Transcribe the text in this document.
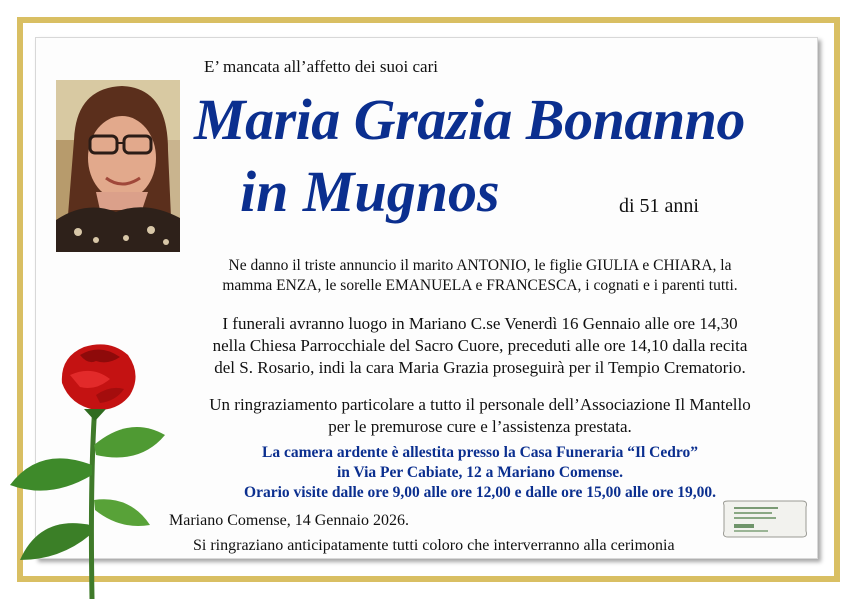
E’ mancata all’affetto dei suoi cari
Maria Grazia Bonanno
in Mugnos	di 51 anni
Ne danno il triste annuncio il marito ANTONIO, le figlie GIULIA e CHIARA, la
mamma ENZA, le sorelle EMANUELA e FRANCESCA, i cognati e i parenti tutti.
I funerali avranno luogo in Mariano C.se Venerdì 16 Gennaio alle ore 14,30
nella Chiesa Parrocchiale del Sacro Cuore, preceduti alle ore 14,10 dalla recita
del S. Rosario, indi la cara Maria Grazia proseguirà per il Tempio Crematorio.
Un ringraziamento particolare a tutto il personale dell’Associazione Il Mantello
per le premurose cure e l’assistenza prestata.
La camera ardente è allestita presso la Casa Funeraria “Il Cedro”
in Via Per Cabiate, 12 a Mariano Comense.
Orario visite dalle ore 9,00 alle ore 12,00 e dalle ore 15,00 alle ore 19,00.
Mariano Comense, 14 Gennaio 2026.
Si ringraziano anticipatamente tutti coloro che interverranno alla cerimonia
